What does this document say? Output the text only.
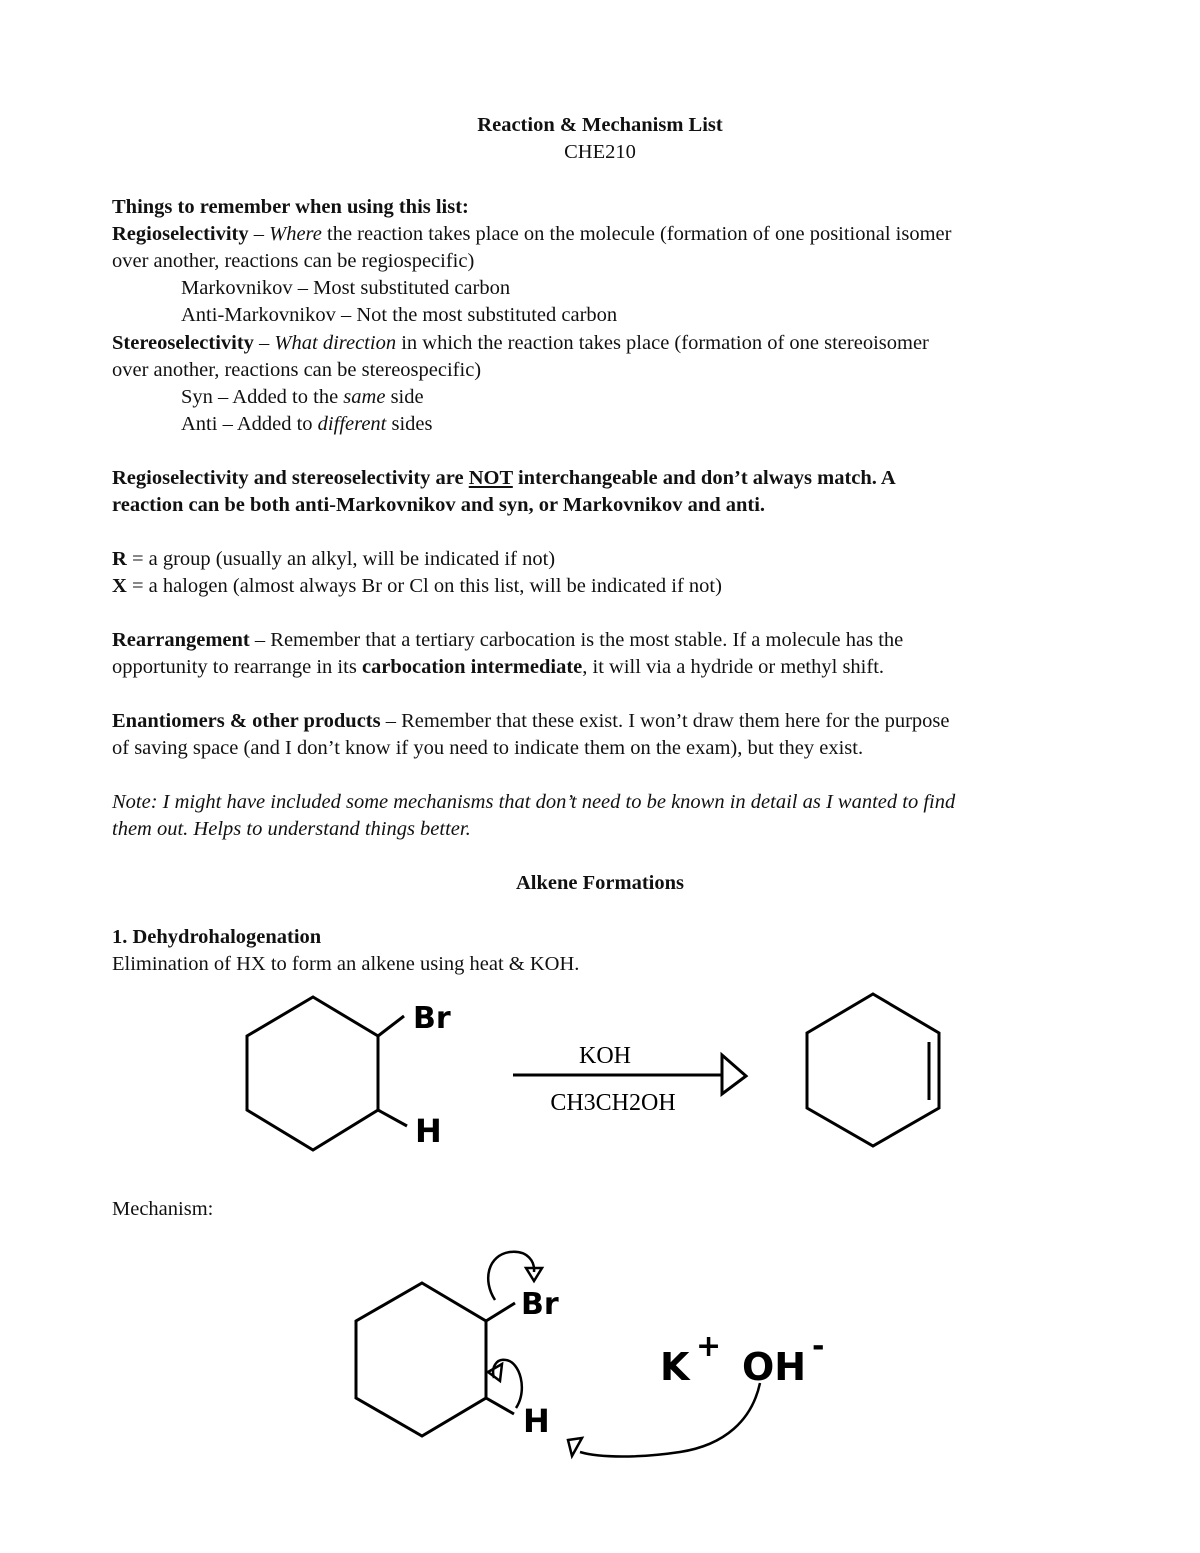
Reaction & Mechanism List
CHE210
Things to remember when using this list:
Regioselectivity – Where the reaction takes place on the molecule (formation of one positional isomer
over another, reactions can be regiospecific)
Markovnikov – Most substituted carbon
Anti-Markovnikov – Not the most substituted carbon
Stereoselectivity – What direction in which the reaction takes place (formation of one stereoisomer
over another, reactions can be stereospecific)
Syn – Added to the same side
Anti – Added to different sides
Regioselectivity and stereoselectivity are NOT interchangeable and don’t always match. A
reaction can be both anti-Markovnikov and syn, or Markovnikov and anti.
R = a group (usually an alkyl, will be indicated if not)
X = a halogen (almost always Br or Cl on this list, will be indicated if not)
Rearrangement – Remember that a tertiary carbocation is the most stable. If a molecule has the
opportunity to rearrange in its carbocation intermediate, it will via a hydride or methyl shift.
Enantiomers & other products – Remember that these exist. I won’t draw them here for the purpose
of saving space (and I don’t know if you need to indicate them on the exam), but they exist.
Note: I might have included some mechanisms that don’t need to be known in detail as I wanted to find
them out. Helps to understand things better.
Alkene Formations
1. Dehydrohalogenation
Elimination of HX to form an alkene using heat & KOH.
Br
H
KOH
CH3CH2OH
Mechanism:
Br
H
K + OH -
